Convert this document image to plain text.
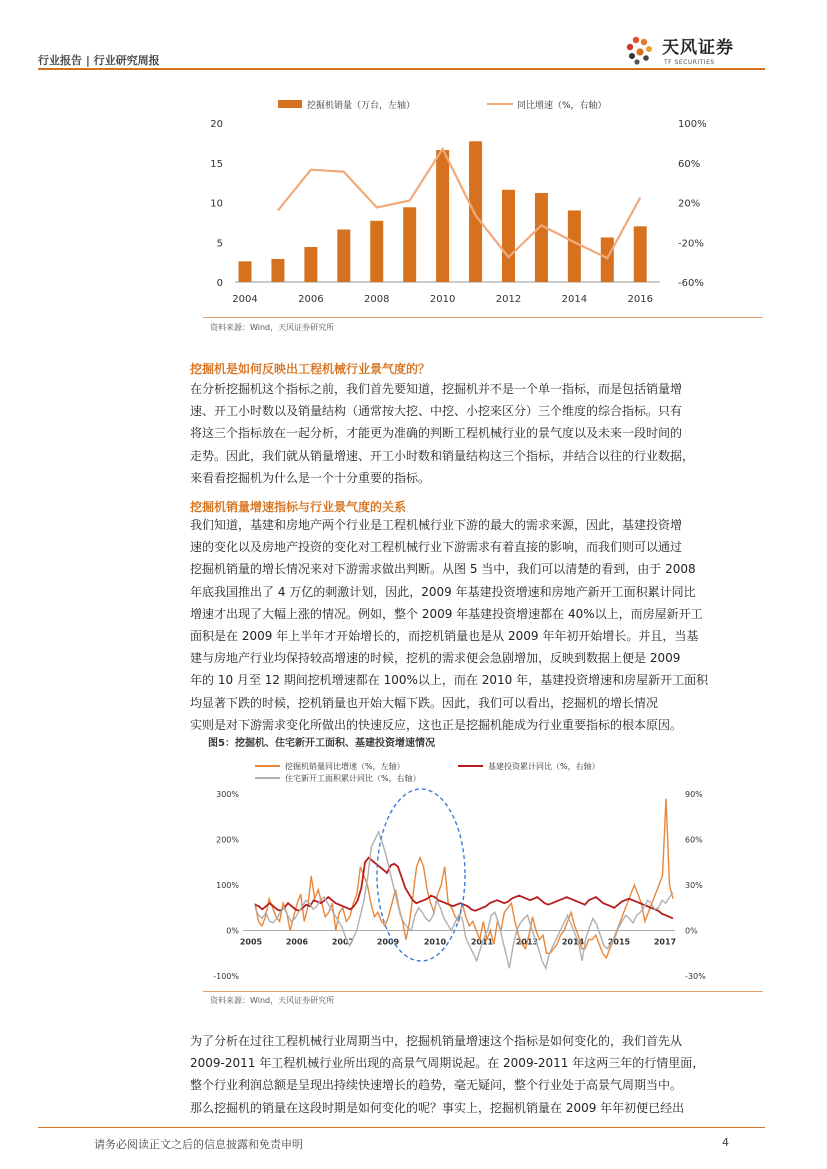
行业报告 | 行业研究周报
天风证券
TF SECURITIES
挖掘机销量（万台，左轴）	同比增速（%，右轴）
0
5
10
15
20
-60%
-20%
20%
60%
100%
2004	2006	2008	2010	2012	2014	2016
资料来源：Wind，天风证券研究所
挖掘机是如何反映出工程机械行业景气度的？
在分析挖掘机这个指标之前，我们首先要知道，挖掘机并不是一个单一指标，而是包括销量增
速、开工小时数以及销量结构（通常按大挖、中挖、小挖来区分）三个维度的综合指标。只有
将这三个指标放在一起分析，才能更为准确的判断工程机械行业的景气度以及未来一段时间的
走势。因此，我们就从销量增速、开工小时数和销量结构这三个指标，并结合以往的行业数据，
来看看挖掘机为什么是一个十分重要的指标。
挖掘机销量增速指标与行业景气度的关系
我们知道，基建和房地产两个行业是工程机械行业下游的最大的需求来源，因此，基建投资增
速的变化以及房地产投资的变化对工程机械行业下游需求有着直接的影响，而我们则可以通过
挖掘机销量的增长情况来对下游需求做出判断。从图 5 当中，我们可以清楚的看到，由于 2008
年底我国推出了 4 万亿的刺激计划，因此，2009 年基建投资增速和房地产新开工面积累计同比
增速才出现了大幅上涨的情况。例如，整个 2009 年基建投资增速都在 40%以上，而房屋新开工
面积是在 2009 年上半年才开始增长的，而挖机销量也是从 2009 年年初开始增长。并且，当基
建与房地产行业均保持较高增速的时候，挖机的需求便会急剧增加，反映到数据上便是 2009
年的 10 月至 12 期间挖机增速都在 100%以上，而在 2010 年，基建投资增速和房屋新开工面积
均显著下跌的时候，挖机销量也开始大幅下跌。因此，我们可以看出，挖掘机的增长情况
实则是对下游需求变化所做出的快速反应，这也正是挖掘机能成为行业重要指标的根本原因。
图5：挖掘机、住宅新开工面积、基建投资增速情况
挖掘机销量同比增速（%，左轴）	基建投资累计同比（%，右轴）
住宅新开工面积累计同比（%，右轴）
-100%
0%
100%
200%
300%
-30%
0%
30%
60%
90%
2005	2006	2007	2009	2010	2011	2013	2014	2015	2017
资料来源：Wind，天风证券研究所
为了分析在过往工程机械行业周期当中，挖掘机销量增速这个指标是如何变化的，我们首先从
2009-2011 年工程机械行业所出现的高景气周期说起。在 2009-2011 年这两三年的行情里面，
整个行业利润总额是呈现出持续快速增长的趋势，毫无疑问，整个行业处于高景气周期当中。
那么挖掘机的销量在这段时期是如何变化的呢？事实上，挖掘机销量在 2009 年年初便已经出
请务必阅读正文之后的信息披露和免责申明	4
